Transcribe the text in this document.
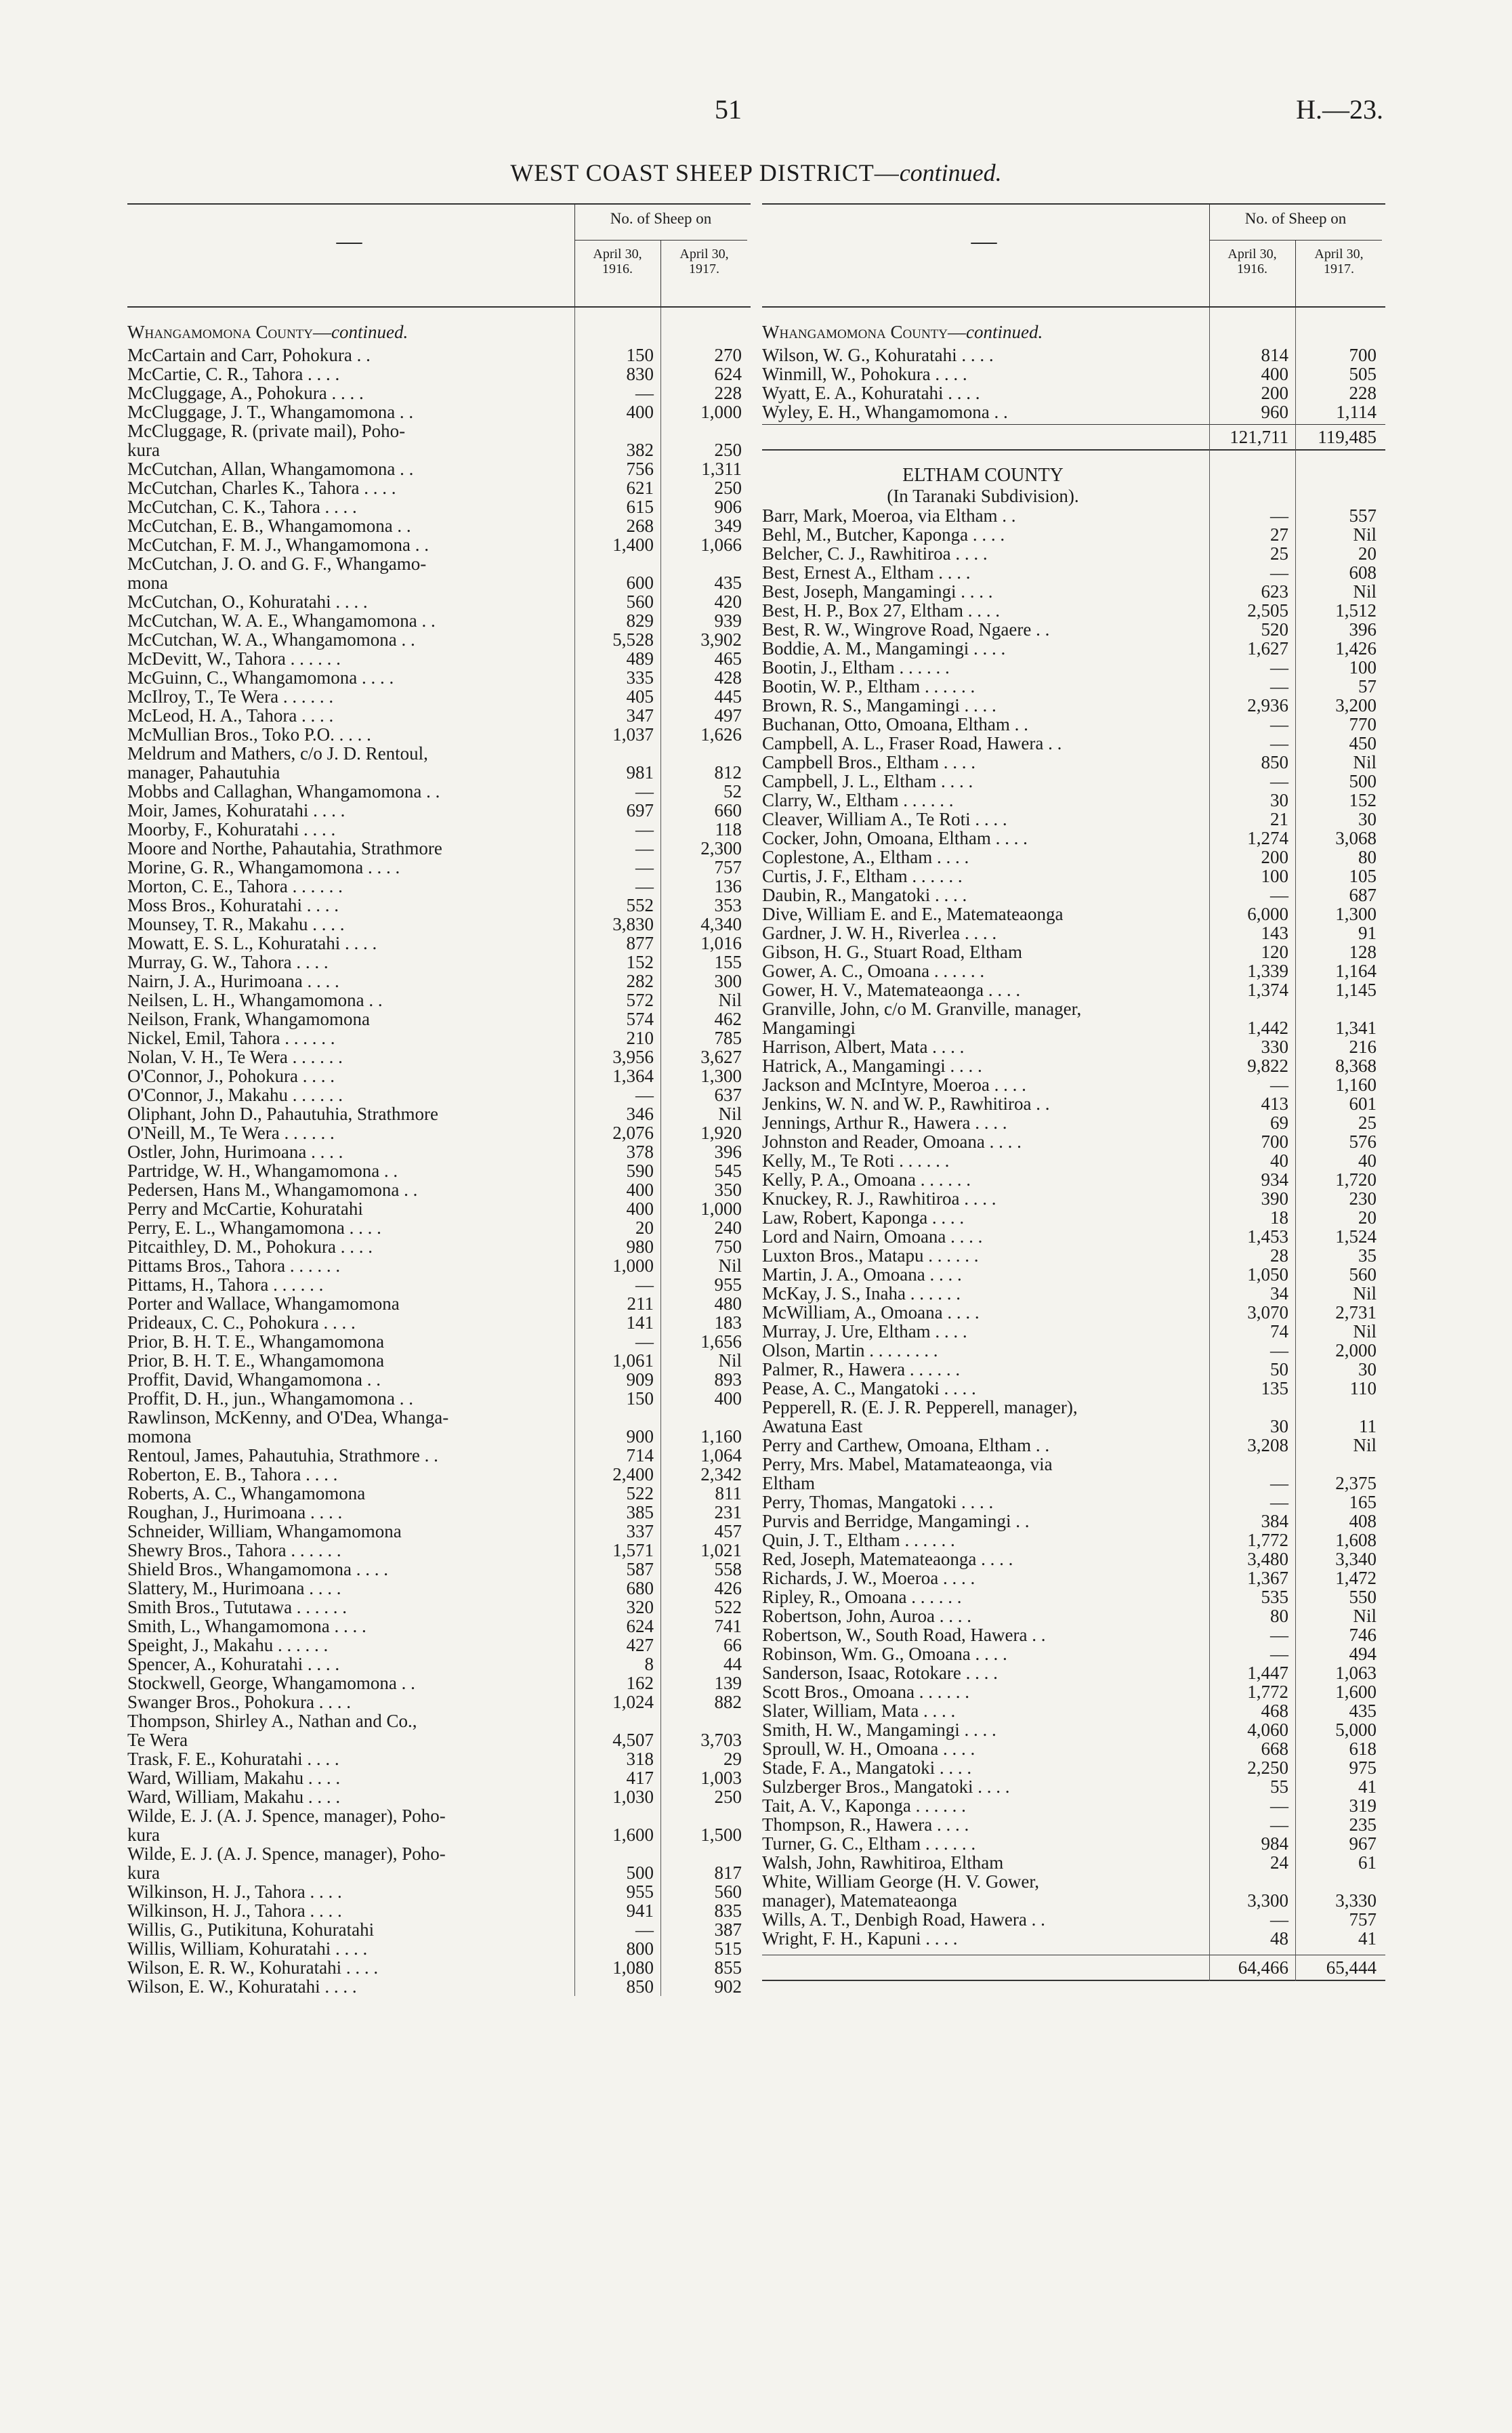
51	H.—23.
WEST COAST SHEEP DISTRICT—continued.
—
No. of Sheep on
April 30,
1916.
April 30,
1917.
Whangamomona County—continued.
McCartain and Carr, Pohokura . .	150	270
McCartie, C. R., Tahora . . . .	830	624
McCluggage, A., Pohokura . . . .	—	228
McCluggage, J. T., Whangamomona . .	400	1,000
McCluggage, R. (private mail), Poho-
kura	382	250
McCutchan, Allan, Whangamomona . .	756	1,311
McCutchan, Charles K., Tahora . . . .	621	250
McCutchan, C. K., Tahora . . . .	615	906
McCutchan, E. B., Whangamomona . .	268	349
McCutchan, F. M. J., Whangamomona . .	1,400	1,066
McCutchan, J. O. and G. F., Whangamo-
mona	600	435
McCutchan, O., Kohuratahi . . . .	560	420
McCutchan, W. A. E., Whangamomona . .	829	939
McCutchan, W. A., Whangamomona . .	5,528	3,902
McDevitt, W., Tahora . . . . . .	489	465
McGuinn, C., Whangamomona . . . .	335	428
McIlroy, T., Te Wera . . . . . .	405	445
McLeod, H. A., Tahora . . . .	347	497
McMullian Bros., Toko P.O. . . . .	1,037	1,626
Meldrum and Mathers, c/o J. D. Rentoul,
manager, Pahautuhia	981	812
Mobbs and Callaghan, Whangamomona . .	—	52
Moir, James, Kohuratahi . . . .	697	660
Moorby, F., Kohuratahi . . . .	—	118
Moore and Northe, Pahautahia, Strathmore	—	2,300
Morine, G. R., Whangamomona . . . .	—	757
Morton, C. E., Tahora . . . . . .	—	136
Moss Bros., Kohuratahi . . . .	552	353
Mounsey, T. R., Makahu . . . .	3,830	4,340
Mowatt, E. S. L., Kohuratahi . . . .	877	1,016
Murray, G. W., Tahora . . . .	152	155
Nairn, J. A., Hurimoana . . . .	282	300
Neilsen, L. H., Whangamomona . .	572	Nil
Neilson, Frank, Whangamomona	574	462
Nickel, Emil, Tahora . . . . . .	210	785
Nolan, V. H., Te Wera . . . . . .	3,956	3,627
O'Connor, J., Pohokura . . . .	1,364	1,300
O'Connor, J., Makahu . . . . . .	—	637
Oliphant, John D., Pahautuhia, Strathmore	346	Nil
O'Neill, M., Te Wera . . . . . .	2,076	1,920
Ostler, John, Hurimoana . . . .	378	396
Partridge, W. H., Whangamomona . .	590	545
Pedersen, Hans M., Whangamomona . .	400	350
Perry and McCartie, Kohuratahi	400	1,000
Perry, E. L., Whangamomona . . . .	20	240
Pitcaithley, D. M., Pohokura . . . .	980	750
Pittams Bros., Tahora . . . . . .	1,000	Nil
Pittams, H., Tahora . . . . . .	—	955
Porter and Wallace, Whangamomona	211	480
Prideaux, C. C., Pohokura . . . .	141	183
Prior, B. H. T. E., Whangamomona	—	1,656
Prior, B. H. T. E., Whangamomona	1,061	Nil
Proffit, David, Whangamomona . .	909	893
Proffit, D. H., jun., Whangamomona . .	150	400
Rawlinson, McKenny, and O'Dea, Whanga-
momona	900	1,160
Rentoul, James, Pahautuhia, Strathmore . .	714	1,064
Roberton, E. B., Tahora . . . .	2,400	2,342
Roberts, A. C., Whangamomona	522	811
Roughan, J., Hurimoana . . . .	385	231
Schneider, William, Whangamomona	337	457
Shewry Bros., Tahora . . . . . .	1,571	1,021
Shield Bros., Whangamomona . . . .	587	558
Slattery, M., Hurimoana . . . .	680	426
Smith Bros., Tututawa . . . . . .	320	522
Smith, L., Whangamomona . . . .	624	741
Speight, J., Makahu . . . . . .	427	66
Spencer, A., Kohuratahi . . . .	8	44
Stockwell, George, Whangamomona . .	162	139
Swanger Bros., Pohokura . . . .	1,024	882
Thompson, Shirley A., Nathan and Co.,
Te Wera	4,507	3,703
Trask, F. E., Kohuratahi . . . .	318	29
Ward, William, Makahu . . . .	417	1,003
Ward, William, Makahu . . . .	1,030	250
Wilde, E. J. (A. J. Spence, manager), Poho-
kura	1,600	1,500
Wilde, E. J. (A. J. Spence, manager), Poho-
kura	500	817
Wilkinson, H. J., Tahora . . . .	955	560
Wilkinson, H. J., Tahora . . . .	941	835
Willis, G., Putikituna, Kohuratahi	—	387
Willis, William, Kohuratahi . . . .	800	515
Wilson, E. R. W., Kohuratahi . . . .	1,080	855
Wilson, E. W., Kohuratahi . . . .	850	902
—
No. of Sheep on
April 30,
1916.
April 30,
1917.
Whangamomona County—continued.
Wilson, W. G., Kohuratahi . . . .	814	700
Winmill, W., Pohokura . . . .	400	505
Wyatt, E. A., Kohuratahi . . . .	200	228
Wyley, E. H., Whangamomona . .	960	1,114
121,711	119,485
ELTHAM COUNTY
(In Taranaki Subdivision).
Barr, Mark, Moeroa, via Eltham . .	—	557
Behl, M., Butcher, Kaponga . . . .	27	Nil
Belcher, C. J., Rawhitiroa . . . .	25	20
Best, Ernest A., Eltham . . . .	—	608
Best, Joseph, Mangamingi . . . .	623	Nil
Best, H. P., Box 27, Eltham . . . .	2,505	1,512
Best, R. W., Wingrove Road, Ngaere . .	520	396
Boddie, A. M., Mangamingi . . . .	1,627	1,426
Bootin, J., Eltham . . . . . .	—	100
Bootin, W. P., Eltham . . . . . .	—	57
Brown, R. S., Mangamingi . . . .	2,936	3,200
Buchanan, Otto, Omoana, Eltham . .	—	770
Campbell, A. L., Fraser Road, Hawera . .	—	450
Campbell Bros., Eltham . . . .	850	Nil
Campbell, J. L., Eltham . . . .	—	500
Clarry, W., Eltham . . . . . .	30	152
Cleaver, William A., Te Roti . . . .	21	30
Cocker, John, Omoana, Eltham . . . .	1,274	3,068
Coplestone, A., Eltham . . . .	200	80
Curtis, J. F., Eltham . . . . . .	100	105
Daubin, R., Mangatoki . . . .	—	687
Dive, William E. and E., Matemateaonga	6,000	1,300
Gardner, J. W. H., Riverlea . . . .	143	91
Gibson, H. G., Stuart Road, Eltham	120	128
Gower, A. C., Omoana . . . . . .	1,339	1,164
Gower, H. V., Matemateaonga . . . .	1,374	1,145
Granville, John, c/o M. Granville, manager,
Mangamingi	1,442	1,341
Harrison, Albert, Mata . . . .	330	216
Hatrick, A., Mangamingi . . . .	9,822	8,368
Jackson and McIntyre, Moeroa . . . .	—	1,160
Jenkins, W. N. and W. P., Rawhitiroa . .	413	601
Jennings, Arthur R., Hawera . . . .	69	25
Johnston and Reader, Omoana . . . .	700	576
Kelly, M., Te Roti . . . . . .	40	40
Kelly, P. A., Omoana . . . . . .	934	1,720
Knuckey, R. J., Rawhitiroa . . . .	390	230
Law, Robert, Kaponga . . . .	18	20
Lord and Nairn, Omoana . . . .	1,453	1,524
Luxton Bros., Matapu . . . . . .	28	35
Martin, J. A., Omoana . . . .	1,050	560
McKay, J. S., Inaha . . . . . .	34	Nil
McWilliam, A., Omoana . . . .	3,070	2,731
Murray, J. Ure, Eltham . . . .	74	Nil
Olson, Martin . . . . . . . .	—	2,000
Palmer, R., Hawera . . . . . .	50	30
Pease, A. C., Mangatoki . . . .	135	110
Pepperell, R. (E. J. R. Pepperell, manager),
Awatuna East	30	11
Perry and Carthew, Omoana, Eltham . .	3,208	Nil
Perry, Mrs. Mabel, Matamateaonga, via
Eltham	—	2,375
Perry, Thomas, Mangatoki . . . .	—	165
Purvis and Berridge, Mangamingi . .	384	408
Quin, J. T., Eltham . . . . . .	1,772	1,608
Red, Joseph, Matemateaonga . . . .	3,480	3,340
Richards, J. W., Moeroa . . . .	1,367	1,472
Ripley, R., Omoana . . . . . .	535	550
Robertson, John, Auroa . . . .	80	Nil
Robertson, W., South Road, Hawera . .	—	746
Robinson, Wm. G., Omoana . . . .	—	494
Sanderson, Isaac, Rotokare . . . .	1,447	1,063
Scott Bros., Omoana . . . . . .	1,772	1,600
Slater, William, Mata . . . .	468	435
Smith, H. W., Mangamingi . . . .	4,060	5,000
Sproull, W. H., Omoana . . . .	668	618
Stade, F. A., Mangatoki . . . .	2,250	975
Sulzberger Bros., Mangatoki . . . .	55	41
Tait, A. V., Kaponga . . . . . .	—	319
Thompson, R., Hawera . . . .	—	235
Turner, G. C., Eltham . . . . . .	984	967
Walsh, John, Rawhitiroa, Eltham	24	61
White, William George (H. V. Gower,
manager), Matemateaonga	3,300	3,330
Wills, A. T., Denbigh Road, Hawera . .	—	757
Wright, F. H., Kapuni . . . .	48	41
64,466	65,444
